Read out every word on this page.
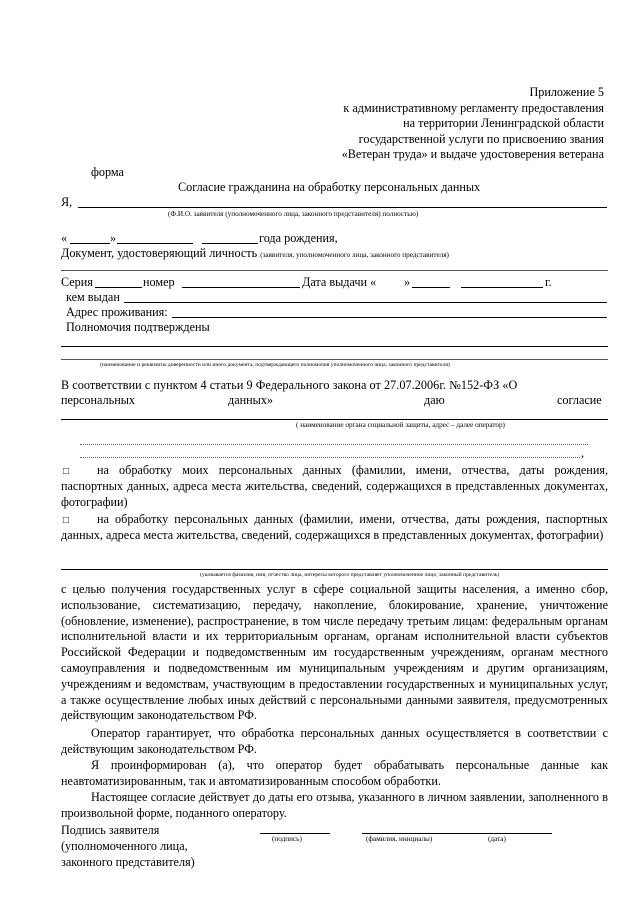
Приложение 5
к административному регламенту предоставления
на территории Ленинградской области
государственной услуги по присвоению звания
«Ветеран труда» и выдаче удостоверения ветерана
форма
Согласие гражданина на обработку персональных данных
Я,
(Ф.И.О. заявителя (уполномоченного лица, законного представителя) полностью)
«	»	года рождения,
Документ, удостоверяющий личность (заявителя, уполномоченного лица, законного представителя)
Серия	номер	Дата выдачи « »	г.
кем выдан
Адрес проживания:
Полномочия подтверждены
(наименование и реквизиты доверенности или иного документа, подтверждающего полномочия уполномоченного лица, законного представителя)
В соответствии с пунктом 4 статьи 9 Федерального закона от 27.07.2006г. №152-ФЗ «О
персональных	данных»	даю	согласие
( наименование органа социальной защиты, адрес – далее оператор)
,
□	на обработку моих персональных данных (фамилии, имени, отчества, даты рождения, паспортных данных, адреса места жительства, сведений, содержащихся в представленных документах, фотографии)
□	на обработку персональных данных (фамилии, имени, отчества, даты рождения, паспортных данных, адреса места жительства, сведений, содержащихся в представленных документах, фотографии)
(указывается фамилия, имя, отчество лица, интересы которого представляет уполномоченное лицо, законный представитель)
с целью получения государственных услуг в сфере социальной защиты населения, а именно сбор, использование, систематизацию, передачу, накопление, блокирование, хранение, уничтожение (обновление, изменение), распространение, в том числе передачу третьим лицам: федеральным органам исполнительной власти и их территориальным органам, органам исполнительной власти субъектов Российской Федерации и подведомственным им государственным учреждениям, органам местного самоуправления и подведомственным им муниципальным учреждениям и другим организациям, учреждениям и ведомствам, участвующим в предоставлении государственных и муниципальных услуг, а также осуществление любых иных действий с персональными данными заявителя, предусмотренных действующим законодательством РФ.
Оператор гарантирует, что обработка персональных данных осуществляется в соответствии с действующим законодательством РФ.
Я проинформирован (а), что оператор будет обрабатывать персональные данные как неавтоматизированным, так и автоматизированным способом обработки.
Настоящее согласие действует до даты его отзыва, указанного в личном заявлении, заполненного в произвольной форме, поданного оператору.
Подпись заявителя
(уполномоченного лица,
законного представителя)
(подпись)	(фамилия, инициалы)	(дата)
